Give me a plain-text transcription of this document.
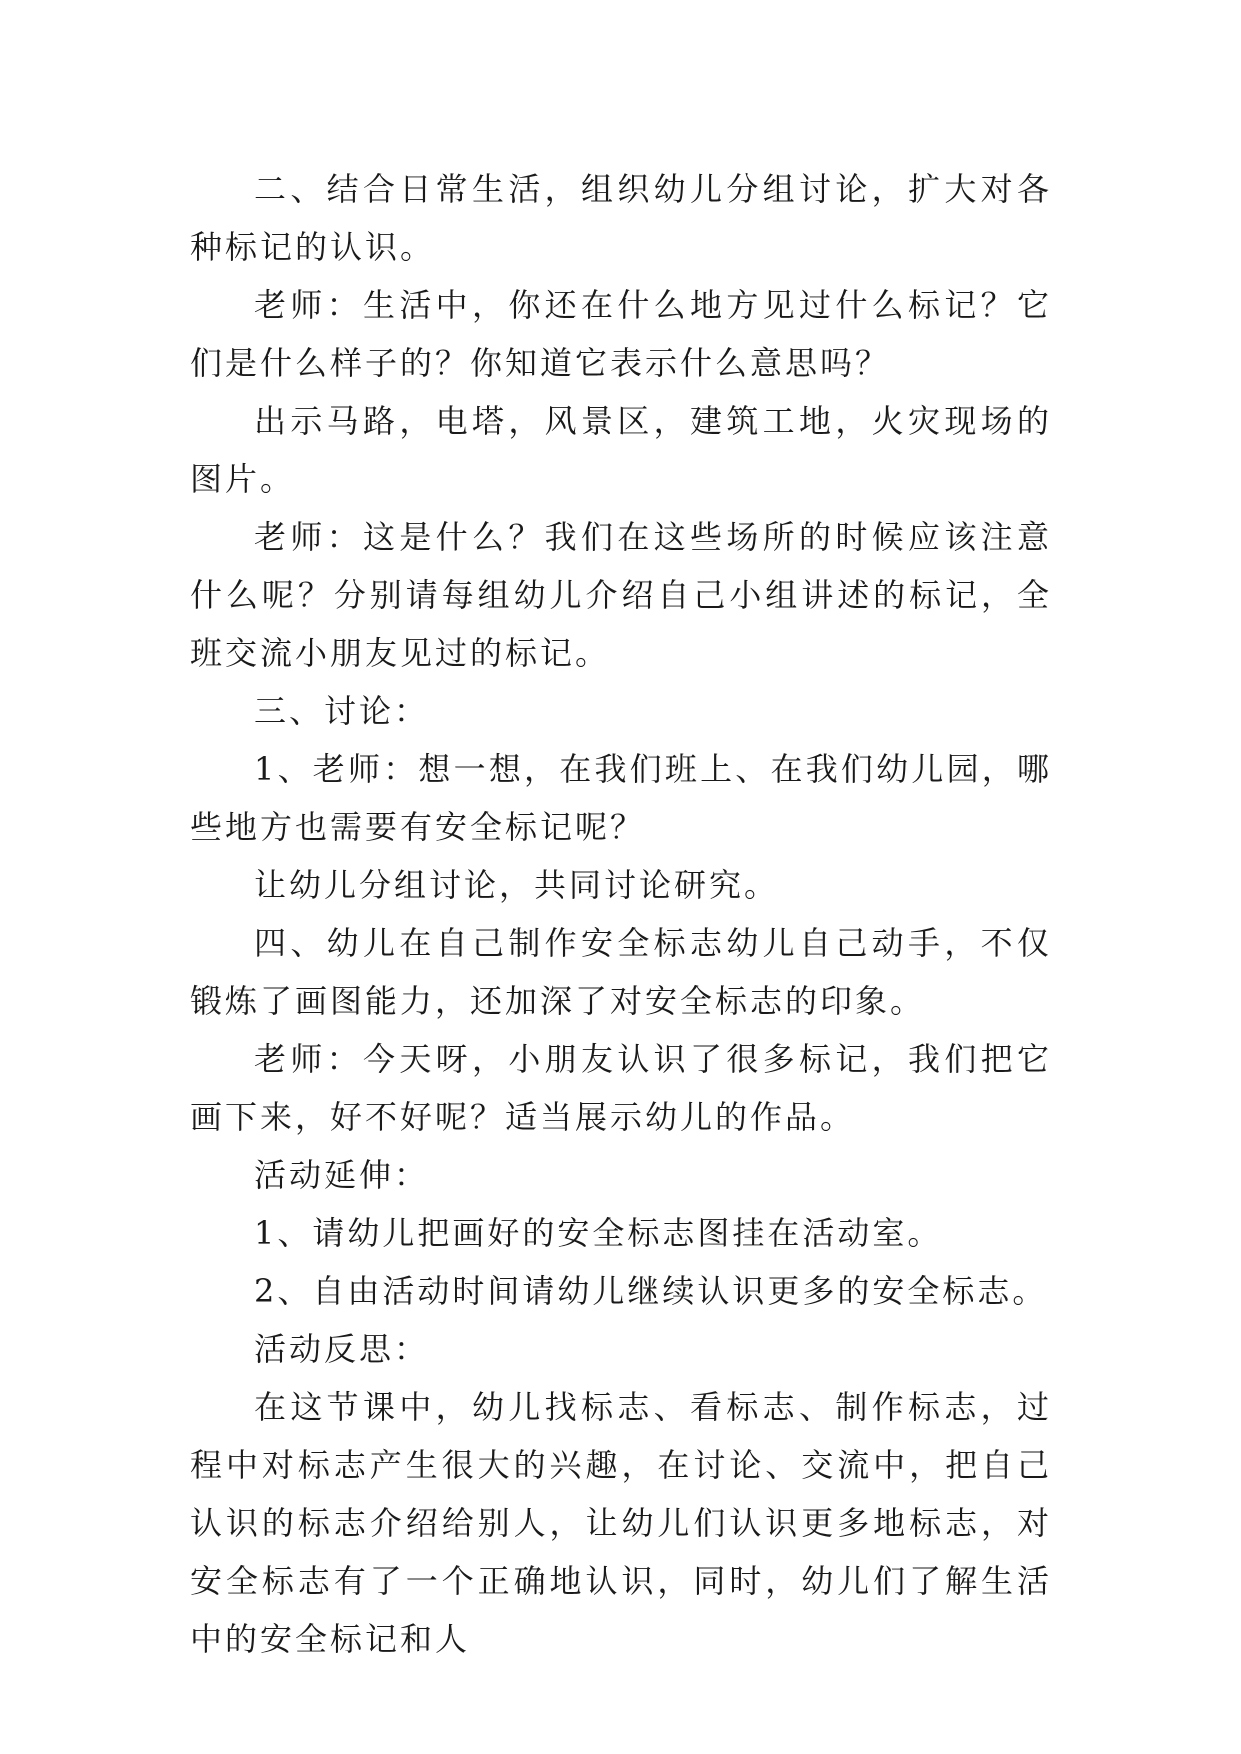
二、结合日常生活，组织幼儿分组讨论，扩大对各种标记的认识。

老师：生活中，你还在什么地方见过什么标记？它们是什么样子的？你知道它表示什么意思吗？

出示马路，电塔，风景区，建筑工地，火灾现场的图片。

老师：这是什么？我们在这些场所的时候应该注意什么呢？分别请每组幼儿介绍自己小组讲述的标记，全班交流小朋友见过的标记。

三、讨论：

1、老师：想一想，在我们班上、在我们幼儿园，哪些地方也需要有安全标记呢？

让幼儿分组讨论，共同讨论研究。

四、幼儿在自己制作安全标志幼儿自己动手，不仅锻炼了画图能力，还加深了对安全标志的印象。

老师：今天呀，小朋友认识了很多标记，我们把它画下来，好不好呢？适当展示幼儿的作品。

活动延伸：

1、请幼儿把画好的安全标志图挂在活动室。

2、自由活动时间请幼儿继续认识更多的安全标志。

活动反思：

在这节课中，幼儿找标志、看标志、制作标志，过程中对标志产生很大的兴趣，在讨论、交流中，把自己认识的标志介绍给别人，让幼儿们认识更多地标志，对安全标志有了一个正确地认识，同时，幼儿们了解生活中的安全标记和人
